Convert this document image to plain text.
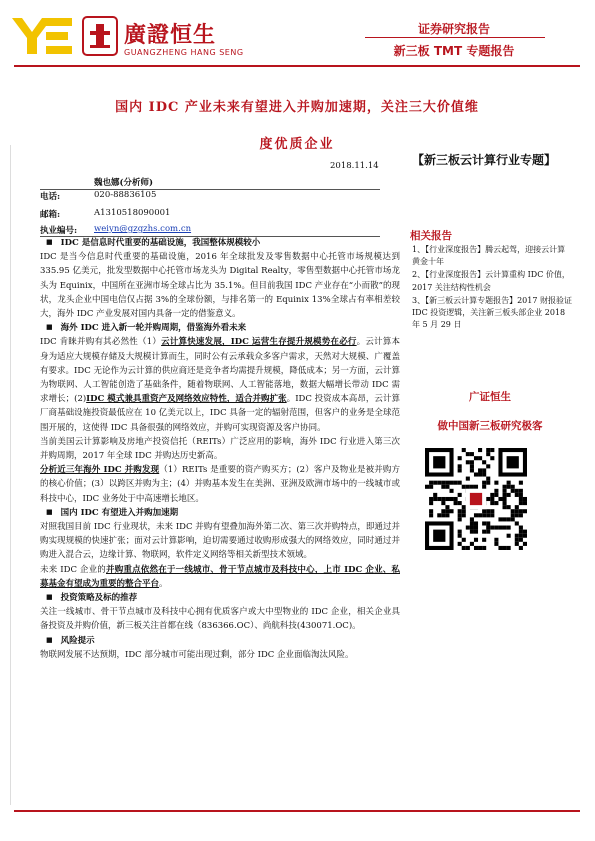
廣證恒生
GUANGZHENG HANG SENG
证券研究报告
新三板 TMT 专题报告
国内 IDC 产业未来有望进入并购加速期，关注三大价值维
度优质企业
2018.11.14	【新三板云计算行业专题】
魏也娜(分析师)
电话:	020-88836105
邮箱:	A1310518090001
执业编号: weiyn@gzgzhs.com.cn

■ IDC 是信息时代重要的基础设施，我国整体规模较小

IDC 是当今信息时代重要的基础设施，2016 年全球批发及零售数据中心托管市场规模达到 335.95 亿美元，批发型数据中心托管市场龙头为 Digital Realty，零售型数据中心托管市场龙头为 Equinix，中国所在亚洲市场全球占比为 35.1%。但目前我国 IDC 产业存在“小而散”的现状，龙头企业中国电信仅占据 3%的全球份额，与排名第一的 Equinix 13%全球占有率相差较大，海外 IDC 产业发展对国内具备一定的借鉴意义。

■ 海外 IDC 进入新一轮并购周期，借鉴海外看未来

IDC 肯睐并购有其必然性（1）云计算快速发展，IDC 运营生存提升规模势在必行。云计算本身为适应大规模存储及大规模计算而生，同时公有云承载众多客户需求，天然对大规模、广覆盖有要求。IDC 无论作为云计算的供应商还是竞争者均需提升规模，降低成本；另一方面，云计算为物联网、人工智能创造了基础条件，随着物联网、人工智能落地，数据大幅增长带动 IDC 需求增长；(2)IDC 模式兼具重资产及网络效应特性，适合并购扩张。IDC 投资成本高昂，云计算厂商基础设施投资最低应在 10 亿美元以上，IDC 具备一定的辐射范围，但客户的业务是全球范围开展的，这使得 IDC 具备很强的网络效应，并购可实现资源及客户协同。

当前美国云计算影响及房地产投资信托（REITs）广泛应用的影响，海外 IDC 行业进入第三次并购周期，2017 年全球 IDC 并购达历史新高。

分析近三年海外 IDC 并购发现（1）REITs 是重要的资产购买方；(2）客户及物业是被并购方的核心价值；(3）以跨区并购为主；(4）并购基本发生在美洲、亚洲及欧洲市场中的一线城市或科技中心，IDC 业务处于中高速增长地区。

■ 国内 IDC 有望进入并购加速期

对照我国目前 IDC 行业现状，未来 IDC 并购有望叠加海外第二次、第三次并购特点，即通过并购实现规模的快速扩张；面对云计算影响，迫切需要通过收购形成强大的网络效应，同时通过并购进入混合云，边缘计算、物联网，软件定义网络等相关新型技术领域。

未来 IDC 企业的并购重点依然在于一线城市、骨干节点城市及科技中心，上市 IDC 企业、私募基金有望成为重要的整合平台。

■ 投资策略及标的推荐

关注一线城市、骨干节点城市及科技中心拥有优质客户或大中型物业的 IDC 企业，相关企业具备投资及并购价值，新三板关注首都在线（836366.OC）、尚航科技(430071.OC)。

■ 风险提示

物联网发展不达预期，IDC 部分城市可能出现过剩，部分 IDC 企业面临淘汰风险。

相关报告
1、【行业深度报告】腾云起驾，迎接云计算黄金十年
2、【行业深度报告】云计算重构 IDC 价值，2017 关注结构性机会
3、【新三板云计算专题报告】2017 财报验证 IDC 投资逻辑，关注新三板头部企业 2018 年 5 月 29 日
广证恒生
做中国新三板研究极客
